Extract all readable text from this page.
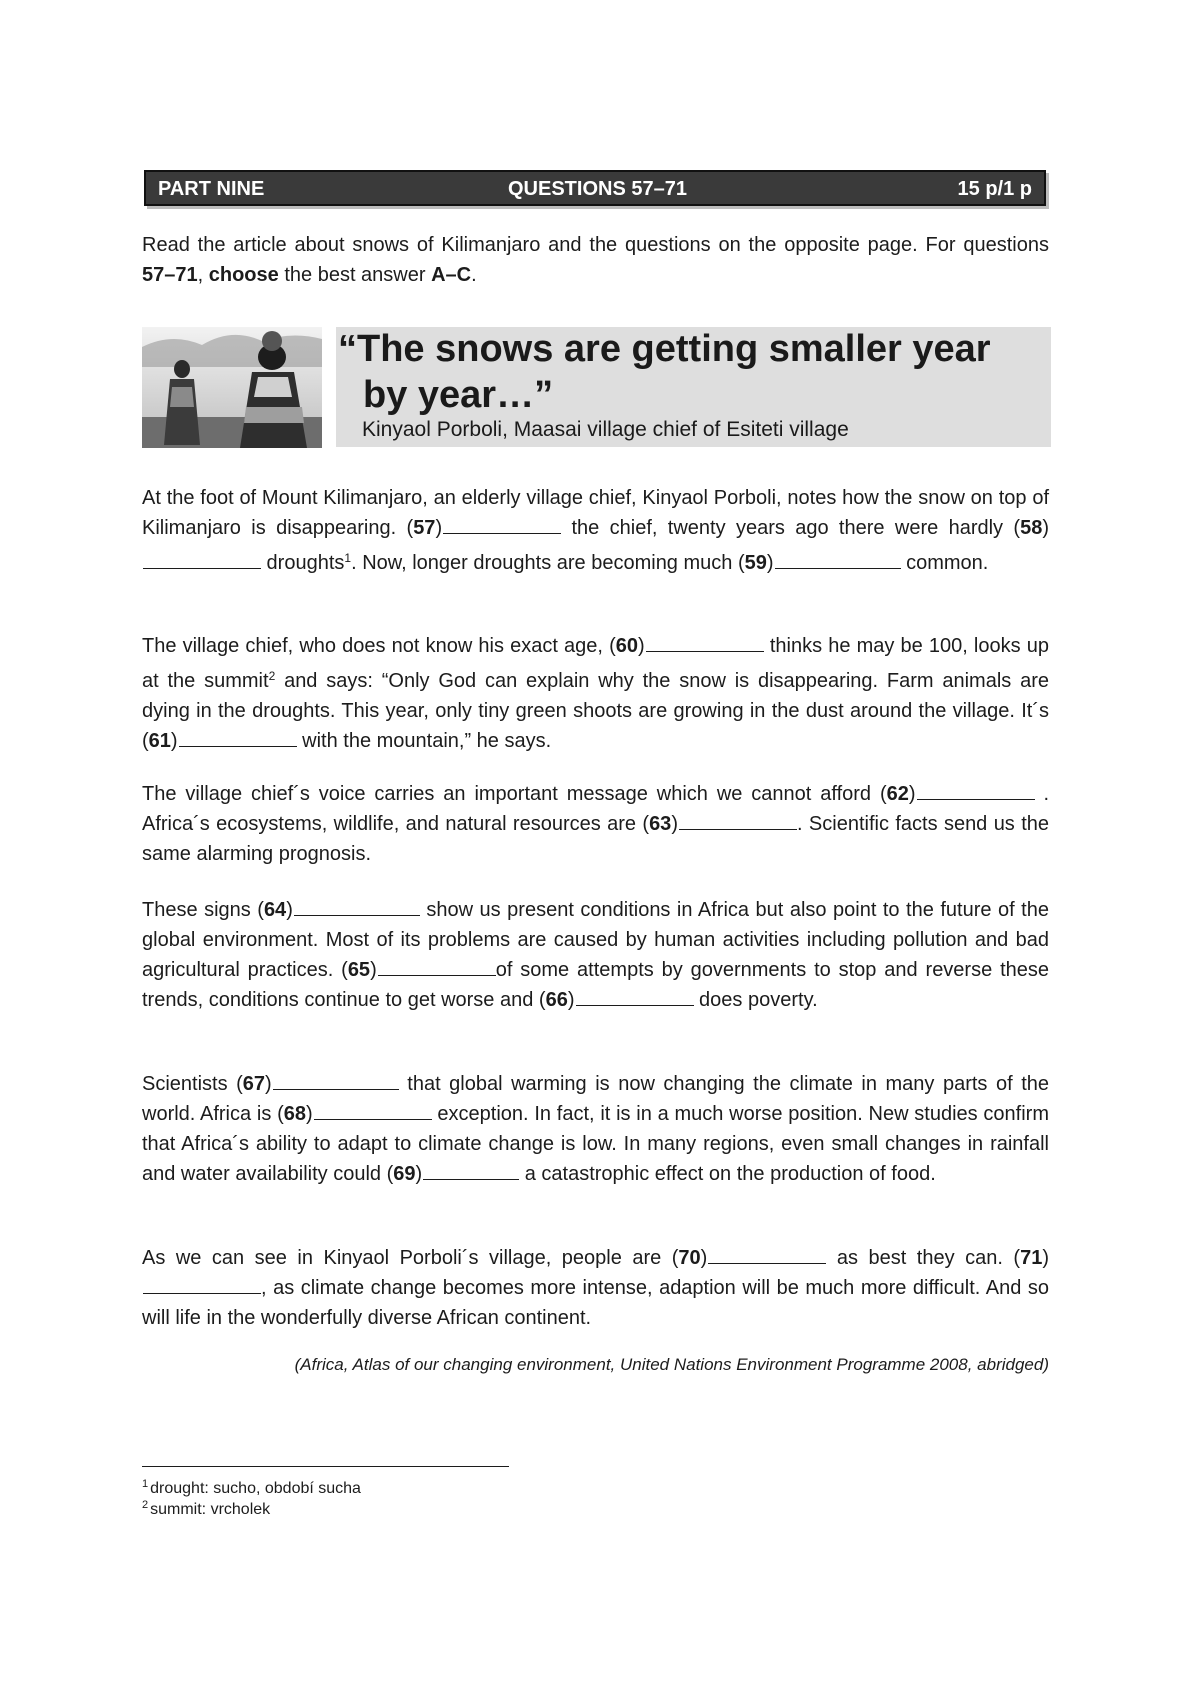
PART NINE	QUESTIONS 57–71	15 p/1 p
Read the article about snows of Kilimanjaro and the questions on the opposite page. For questions 57–71, choose the best answer A–C.
“The snows are getting smaller year
by year…”
Kinyaol Porboli, Maasai village chief of Esiteti village
At the foot of Mount Kilimanjaro, an elderly village chief, Kinyaol Porboli, notes how the snow on top of Kilimanjaro is disappearing. (57)	the chief, twenty years ago there were hardly (58) droughts$^1$. Now, longer droughts are becoming much (59)	common.
The village chief, who does not know his exact age, (60)	thinks he may be 100, looks up at the summit$^2$ and says: “Only God can explain why the snow is disappearing. Farm animals are dying in the droughts. This year, only tiny green shoots are growing in the dust around the village. It´s (61)	with the mountain,” he says.
The village chief´s voice carries an important message which we cannot afford (62)	. Africa´s ecosystems, wildlife, and natural resources are (63)	. Scientific facts send us the same alarming prognosis.
These signs (64)	show us present conditions in Africa but also point to the future of the global environment. Most of its problems are caused by human activities including pollution and bad agricultural practices. (65)	of some attempts by governments to stop and reverse these trends, conditions continue to get worse and (66)	does poverty.
Scientists (67)	that global warming is now changing the climate in many parts of the world. Africa is (68)	exception. In fact, it is in a much worse position. New studies confirm that Africa´s ability to adapt to climate change is low. In many regions, even small changes in rainfall and water availability could (69)	a catastrophic effect on the production of food.
As we can see in Kinyaol Porboli´s village, people are (70)	as best they can. (71), as climate change becomes more intense, adaption will be much more difficult. And so will life in the wonderfully diverse African continent.
(Africa, Atlas of our changing environment, United Nations Environment Programme 2008, abridged)
$^1$ drought: sucho, období sucha
$^2$ summit: vrcholek
